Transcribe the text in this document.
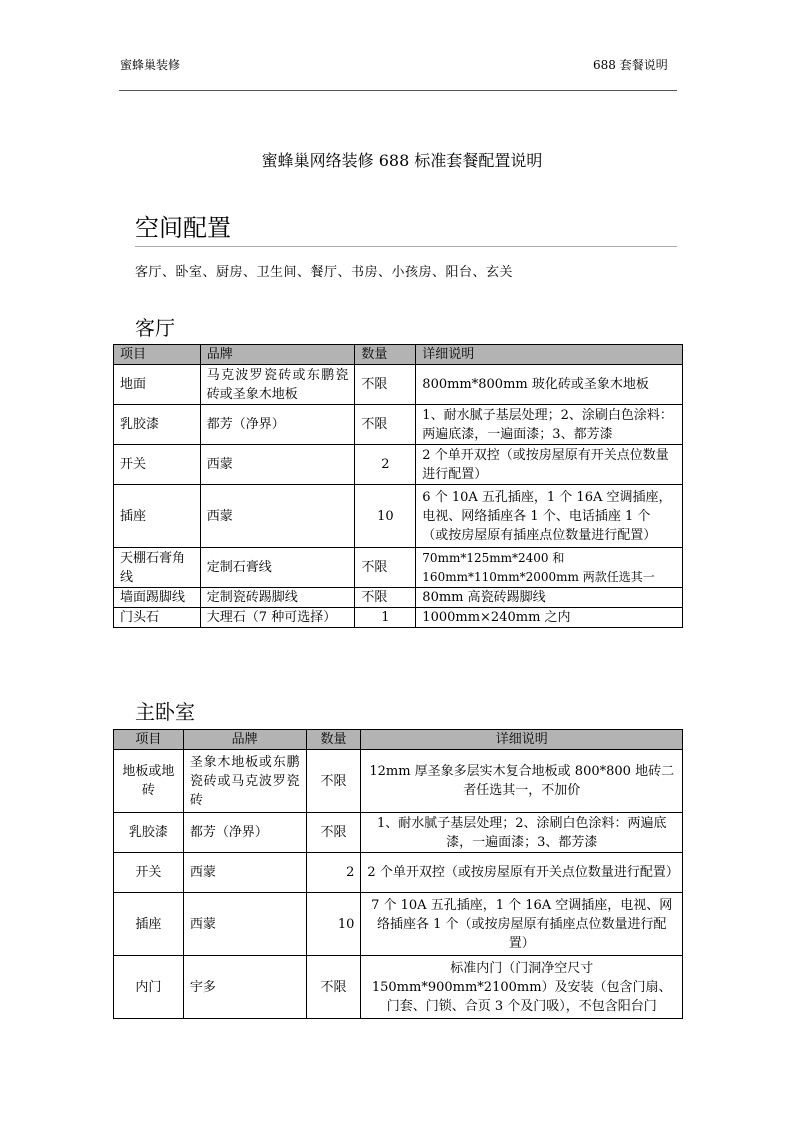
蜜蜂巢装修	688 套餐说明
蜜蜂巢网络装修 688 标准套餐配置说明
空间配置
客厅、卧室、厨房、卫生间、餐厅、书房、小孩房、阳台、玄关
客厅
项目	品牌	数量	详细说明
地面	马克波罗瓷砖或东鹏瓷砖或圣象木地板	不限	800mm*800mm 玻化砖或圣象木地板
乳胶漆	都芳（净界）	不限	1、耐水腻子基层处理；2、涂刷白色涂料：两遍底漆，一遍面漆；3、都芳漆
开关	西蒙	2	2 个单开双控（或按房屋原有开关点位数量进行配置）
插座	西蒙	10	6 个 10A 五孔插座，1 个 16A 空调插座，电视、网络插座各 1 个、电话插座 1 个（或按房屋原有插座点位数量进行配置）
天棚石膏角线	定制石膏线	不限	70mm*125mm*2400 和 160mm*110mm*2000mm 两款任选其一
墙面踢脚线	定制瓷砖踢脚线	不限	80mm 高瓷砖踢脚线
门头石	大理石（7 种可选择）	1	1000mm×240mm 之内
主卧室
项目	品牌	数量	详细说明
地板或地砖	圣象木地板或东鹏瓷砖或马克波罗瓷砖	不限	12mm 厚圣象多层实木复合地板或 800*800 地砖二者任选其一，不加价
乳胶漆	都芳（净界）	不限	1、耐水腻子基层处理；2、涂刷白色涂料：两遍底漆，一遍面漆；3、都芳漆
开关	西蒙	2	2 个单开双控（或按房屋原有开关点位数量进行配置）
插座	西蒙	10	7 个 10A 五孔插座，1 个 16A 空调插座，电视、网络插座各 1 个（或按房屋原有插座点位数量进行配置）
内门	宇多	不限	标准内门（门洞净空尺寸 150mm*900mm*2100mm）及安装（包含门扇、门套、门锁、合页 3 个及门吸），不包含阳台门
